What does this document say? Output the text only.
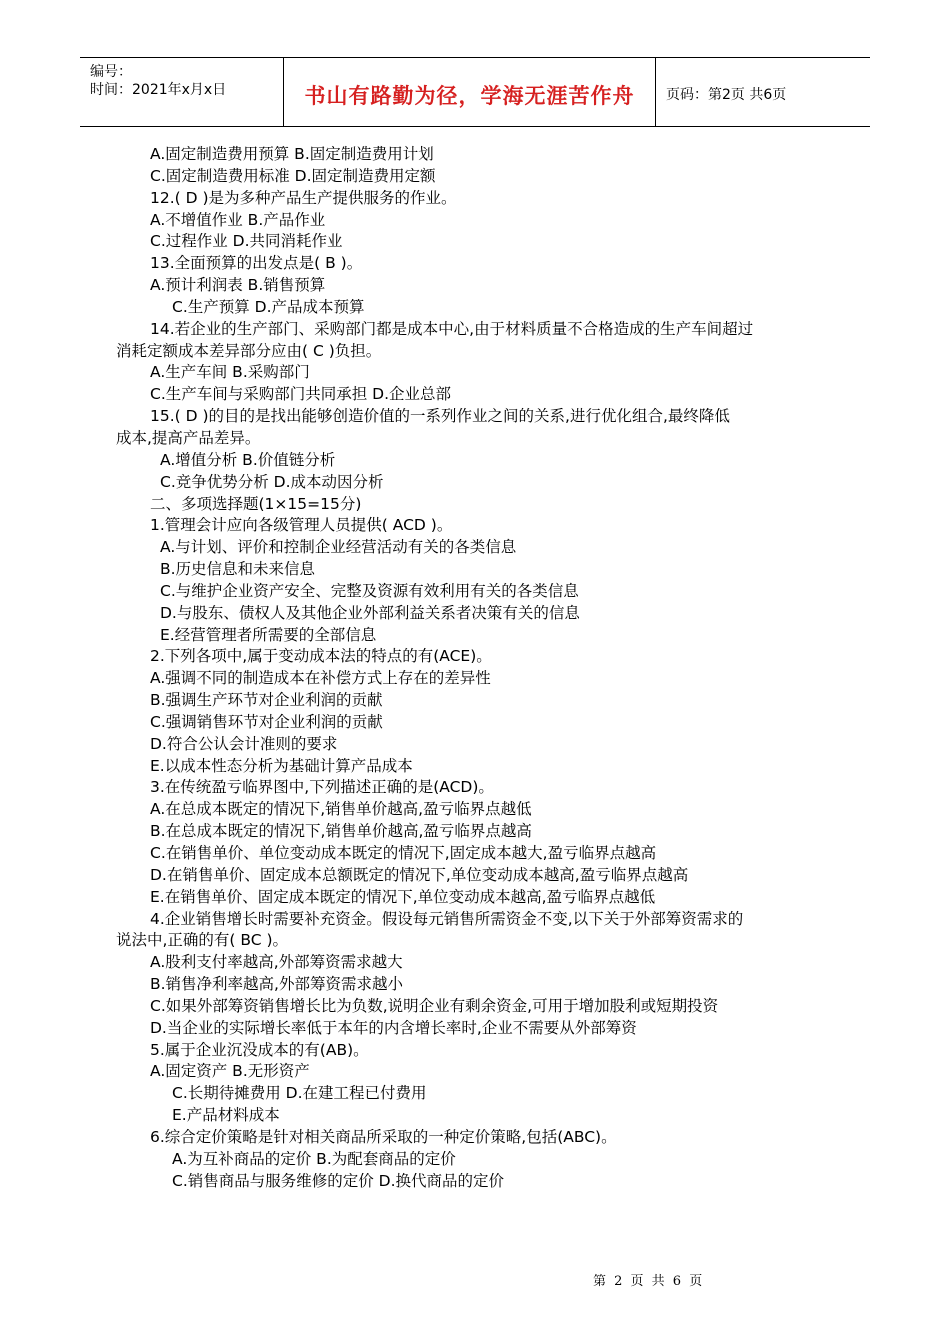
编号：
时间：2021年x月x日	书山有路勤为径，学海无涯苦作舟	页码：第2页 共6页
A.固定制造费用预算 B.固定制造费用计划
C.固定制造费用标准 D.固定制造费用定额
12.( D )是为多种产品生产提供服务的作业。
A.不增值作业 B.产品作业
C.过程作业 D.共同消耗作业
13.全面预算的出发点是( B )。
A.预计利润表 B.销售预算
C.生产预算 D.产品成本预算
14.若企业的生产部门、采购部门都是成本中心,由于材料质量不合格造成的生产车间超过
消耗定额成本差异部分应由( C )负担。
A.生产车间 B.采购部门
C.生产车间与采购部门共同承担 D.企业总部
15.( D )的目的是找出能够创造价值的一系列作业之间的关系,进行优化组合,最终降低
成本,提高产品差异。
A.增值分析 B.价值链分析
C.竞争优势分析 D.成本动因分析
二、多项选择题(1×15=15分)
1.管理会计应向各级管理人员提供( ACD )。
A.与计划、评价和控制企业经营活动有关的各类信息
B.历史信息和未来信息
C.与维护企业资产安全、完整及资源有效利用有关的各类信息
D.与股东、债权人及其他企业外部利益关系者决策有关的信息
E.经营管理者所需要的全部信息
2.下列各项中,属于变动成本法的特点的有(ACE)。
A.强调不同的制造成本在补偿方式上存在的差异性
B.强调生产环节对企业利润的贡献
C.强调销售环节对企业利润的贡献
D.符合公认会计准则的要求
E.以成本性态分析为基础计算产品成本
3.在传统盈亏临界图中,下列描述正确的是(ACD)。
A.在总成本既定的情况下,销售单价越高,盈亏临界点越低
B.在总成本既定的情况下,销售单价越高,盈亏临界点越高
C.在销售单价、单位变动成本既定的情况下,固定成本越大,盈亏临界点越高
D.在销售单价、固定成本总额既定的情况下,单位变动成本越高,盈亏临界点越高
E.在销售单价、固定成本既定的情况下,单位变动成本越高,盈亏临界点越低
4.企业销售增长时需要补充资金。假设每元销售所需资金不变,以下关于外部筹资需求的
说法中,正确的有( BC )。
A.股利支付率越高,外部筹资需求越大
B.销售净利率越高,外部筹资需求越小
C.如果外部筹资销售增长比为负数,说明企业有剩余资金,可用于增加股利或短期投资
D.当企业的实际增长率低于本年的内含增长率时,企业不需要从外部筹资
5.属于企业沉没成本的有(AB)。
A.固定资产 B.无形资产
C.长期待摊费用 D.在建工程已付费用
E.产品材料成本
6.综合定价策略是针对相关商品所采取的一种定价策略,包括(ABC)。
A.为互补商品的定价 B.为配套商品的定价
C.销售商品与服务维修的定价 D.换代商品的定价
第 2 页 共 6 页
